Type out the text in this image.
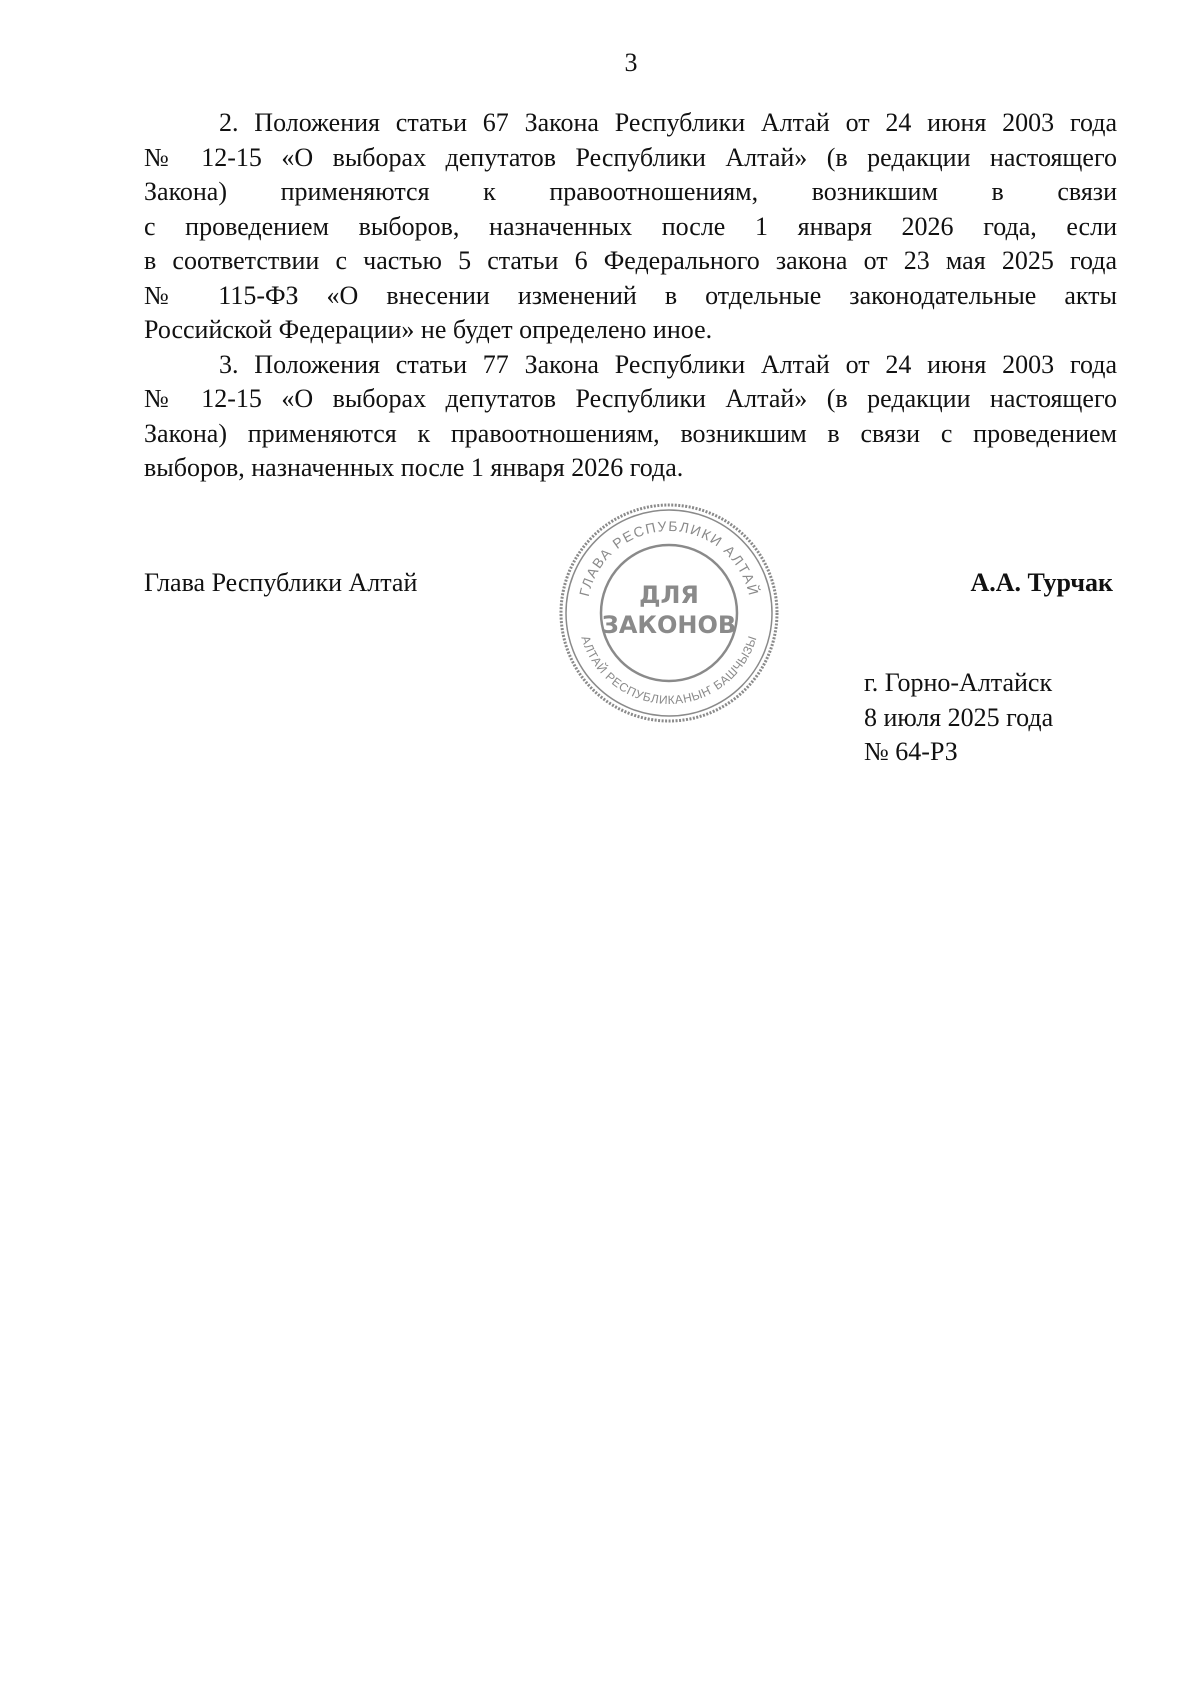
3

2. Положения статьи 67 Закона Республики Алтай от 24 июня 2003 года
№ 12-15 «О выборах депутатов Республики Алтай» (в редакции настоящего
Закона) применяются к правоотношениям, возникшим в связи
с проведением выборов, назначенных после 1 января 2026 года, если
в соответствии с частью 5 статьи 6 Федерального закона от 23 мая 2025 года
№ 115-ФЗ «О внесении изменений в отдельные законодательные акты
Российской Федерации» не будет определено иное.

3. Положения статьи 77 Закона Республики Алтай от 24 июня 2003 года
№ 12-15 «О выборах депутатов Республики Алтай» (в редакции настоящего
Закона) применяются к правоотношениям, возникшим в связи с проведением
выборов, назначенных после 1 января 2026 года.

Глава Республики Алтай	А.А. Турчак
ГЛАВА РЕСПУБЛИКИ АЛТАЙ
АЛТАЙ РЕСПУБЛИКАНЫҤ БАШЧЫЗЫ
ДЛЯ
ЗАКОНОВ
г. Горно-Алтайск
8 июля 2025 года
№ 64-РЗ
